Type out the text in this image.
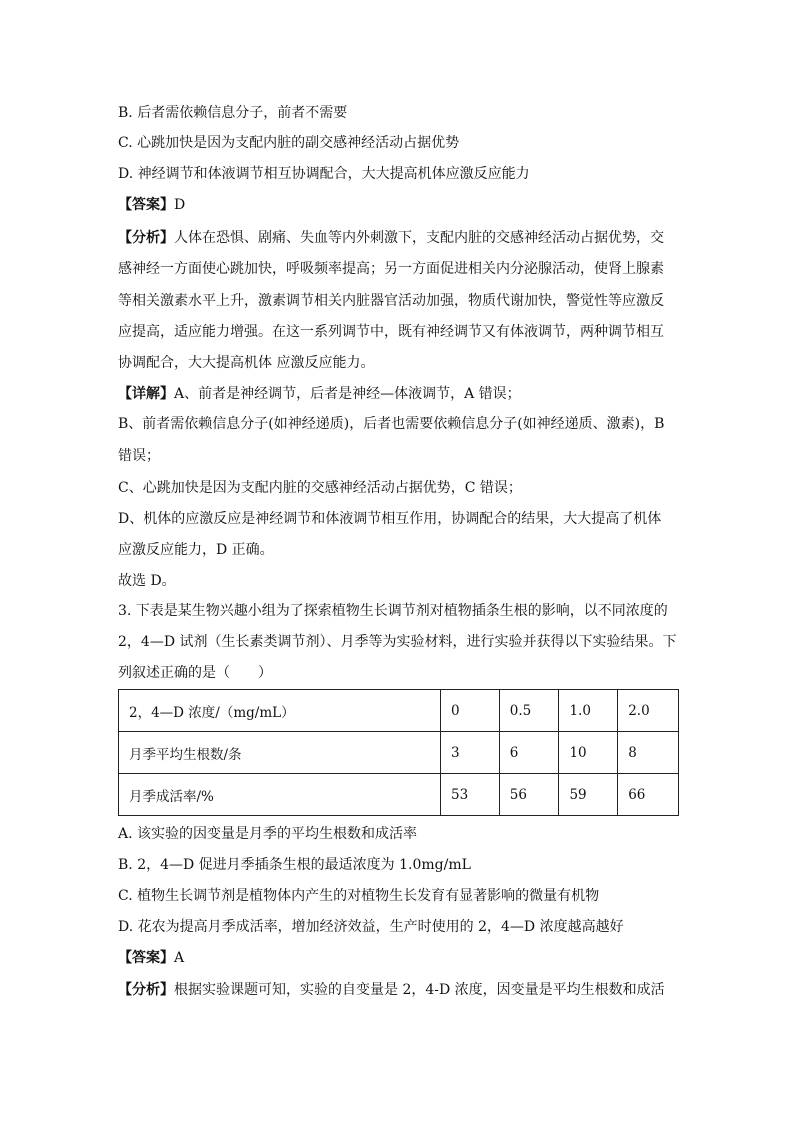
B. 后者需依赖信息分子，前者不需要
C. 心跳加快是因为支配内脏的副交感神经活动占据优势
D. 神经调节和体液调节相互协调配合，大大提高机体应激反应能力
【答案】D
【分析】人体在恐惧、剧痛、失血等内外刺激下，支配内脏的交感神经活动占据优势，交
感神经一方面使心跳加快，呼吸频率提高；另一方面促进相关内分泌腺活动，使肾上腺素
等相关激素水平上升，激素调节相关内脏器官活动加强，物质代谢加快，警觉性等应激反
应提高，适应能力增强。在这一系列调节中，既有神经调节又有体液调节，两种调节相互
协调配合，大大提高机体 应激反应能力。
【详解】A、前者是神经调节，后者是神经—体液调节，A 错误；
B、前者需依赖信息分子(如神经递质)，后者也需要依赖信息分子(如神经递质、激素)，B
错误；
C、心跳加快是因为支配内脏的交感神经活动占据优势，C 错误；
D、机体的应激反应是神经调节和体液调节相互作用，协调配合的结果，大大提高了机体
应激反应能力，D 正确。
故选 D。
3. 下表是某生物兴趣小组为了探索植物生长调节剂对植物插条生根的影响，以不同浓度的
2，4—D 试剂（生长素类调节剂）、月季等为实验材料，进行实验并获得以下实验结果。下
列叙述正确的是（　　）
2，4—D 浓度/（mg/mL）	0	0.5	1.0	2.0
月季平均生根数/条	3	6	10	8
月季成活率/%	53	56	59	66
A. 该实验的因变量是月季的平均生根数和成活率
B. 2，4—D 促进月季插条生根的最适浓度为 1.0mg/mL
C. 植物生长调节剂是植物体内产生的对植物生长发育有显著影响的微量有机物
D. 花农为提高月季成活率，增加经济效益，生产时使用的 2，4—D 浓度越高越好
【答案】A
【分析】根据实验课题可知，实验的自变量是 2，4-D 浓度，因变量是平均生根数和成活
